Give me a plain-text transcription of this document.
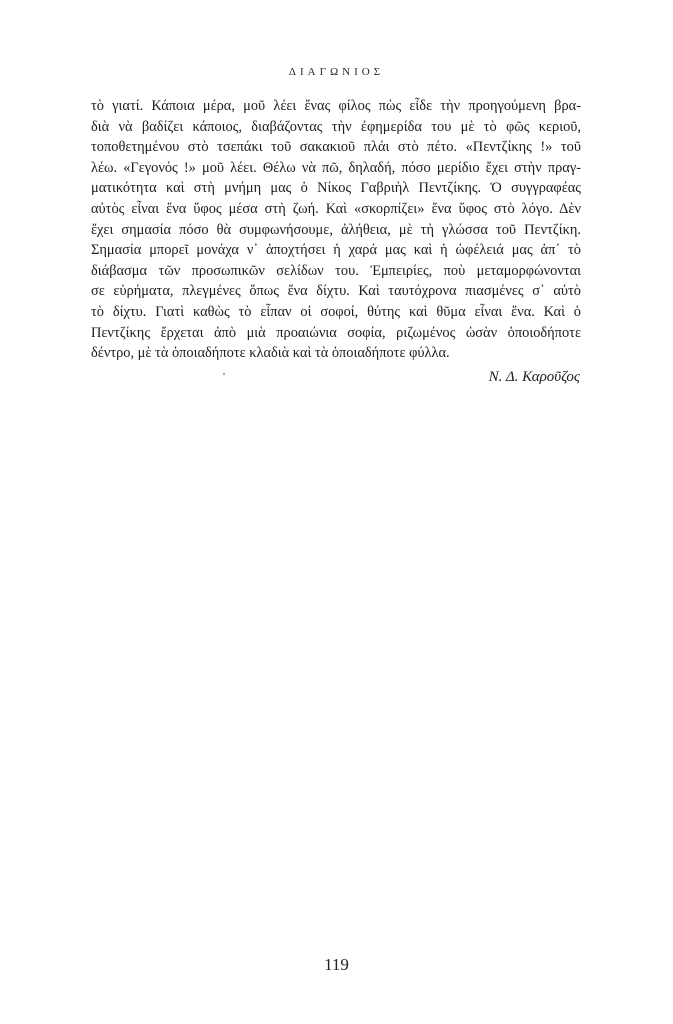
ΔΙΑΓΩΝΙΟΣ
τὸ γιατί. Κάποια μέρα, μοῦ λέει ἕνας φίλος πὼς εἶδε τὴν προηγούμενη βρα-
διὰ νὰ βαδίζει κάποιος, διαβάζοντας τὴν ἐφημερίδα του μὲ τὸ φῶς κεριοῦ,
τοποθετημένου στὸ τσεπάκι τοῦ σακακιοῦ πλάι στὸ πέτο. «Πεντζίκης !» τοῦ
λέω. «Γεγονός !» μοῦ λέει. Θέλω νὰ πῶ, δηλαδή, πόσο μερίδιο ἔχει στὴν πραγ-
ματικότητα καὶ στὴ μνήμη μας ὁ Νίκος Γαβριὴλ Πεντζίκης. Ὁ συγγραφέας
αὐτὸς εἶναι ἕνα ὕφος μέσα στὴ ζωή. Καὶ «σκορπίζει» ἕνα ὕφος στὸ λόγο. Δὲν
ἔχει σημασία πόσο θὰ συμφωνήσουμε, ἀλήθεια, μὲ τὴ γλώσσα τοῦ Πεντζίκη.
Σημασία μπορεῖ μονάχα ν᾿ ἀποχτήσει ἡ χαρά μας καὶ ἡ ὠφέλειά μας ἀπ᾿ τὸ
διάβασμα τῶν προσωπικῶν σελίδων του. Ἐμπειρίες, ποὺ μεταμορφώνονται
σε εὑρήματα, πλεγμένες ὅπως ἕνα δίχτυ. Καὶ ταυτόχρονα πιασμένες σ᾿ αὐτὸ
τὸ δίχτυ. Γιατὶ καθὼς τὸ εἶπαν οἱ σοφοί, θύτης καὶ θῦμα εἶναι ἕνα. Καὶ ὁ
Πεντζίκης ἔρχεται ἀπὸ μιὰ προαιώνια σοφία, ριζωμένος ὡσὰν ὁποιοδήποτε
δέντρο, μὲ τὰ ὁποιαδήποτε κλαδιὰ καὶ τὰ ὁποιαδήποτε φύλλα.
Ν. Δ. Καροῦζος
119
